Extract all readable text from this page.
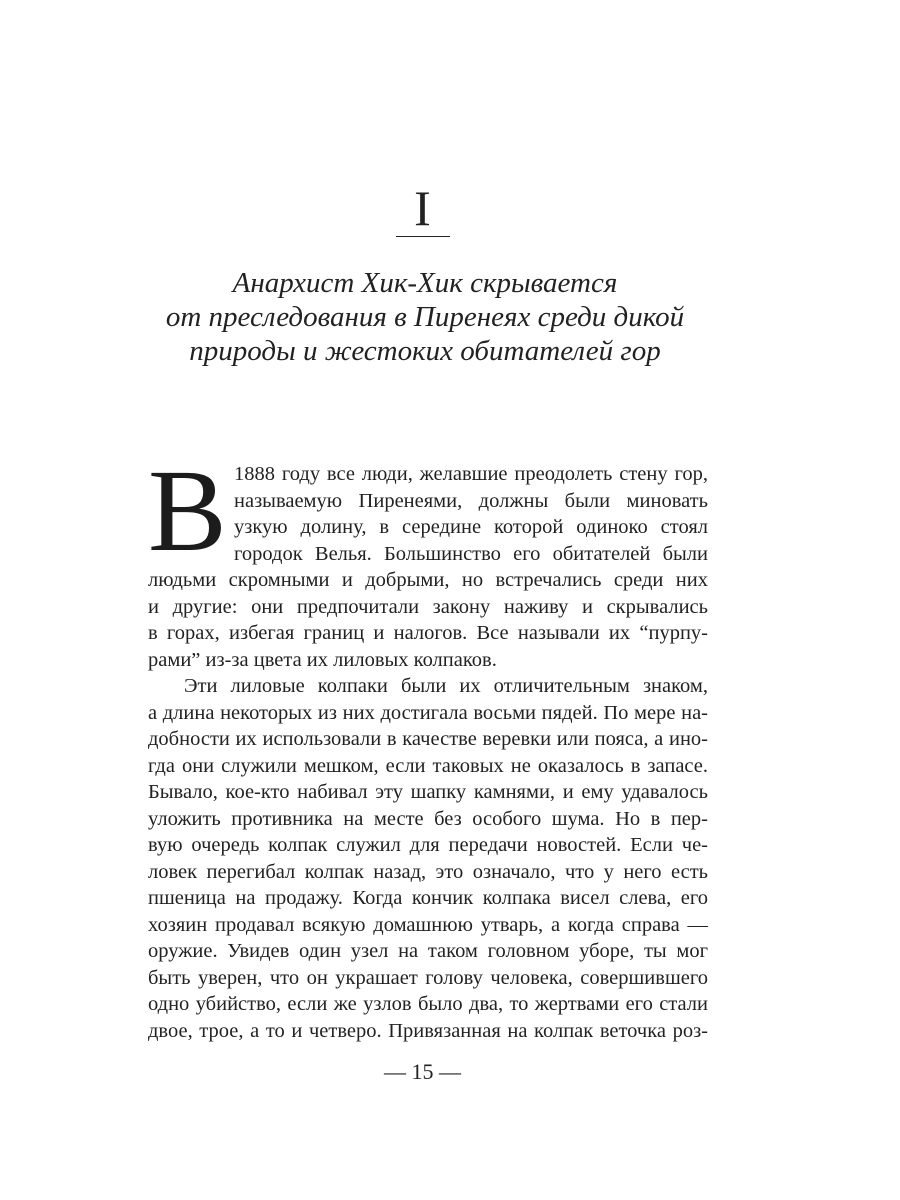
I
Анархист Хик-Хик скрывается
от преследования в Пиренеях среди дикой
природы и жестоких обитателей гор
В 1888 году все люди, желавшие преодолеть стену гор,
называемую Пиренеями, должны были миновать
узкую долину, в середине которой одиноко стоял
городок Велья. Большинство его обитателей были
людьми скромными и добрыми, но встречались среди них
и другие: они предпочитали закону наживу и скрывались
в горах, избегая границ и налогов. Все называли их “пурпу-
рами” из-за цвета их лиловых колпаков.
Эти лиловые колпаки были их отличительным знаком,
а длина некоторых из них достигала восьми пядей. По мере на-
добности их использовали в качестве веревки или пояса, а ино-
гда они служили мешком, если таковых не оказалось в запасе.
Бывало, кое-кто набивал эту шапку камнями, и ему удавалось
уложить противника на месте без особого шума. Но в пер-
вую очередь колпак служил для передачи новостей. Если че-
ловек перегибал колпак назад, это означало, что у него есть
пшеница на продажу. Когда кончик колпака висел слева, его
хозяин продавал всякую домашнюю утварь, а когда справа —
оружие. Увидев один узел на таком головном уборе, ты мог
быть уверен, что он украшает голову человека, совершившего
одно убийство, если же узлов было два, то жертвами его стали
двое, трое, а то и четверо. Привязанная на колпак веточка роз-
— 15 —
